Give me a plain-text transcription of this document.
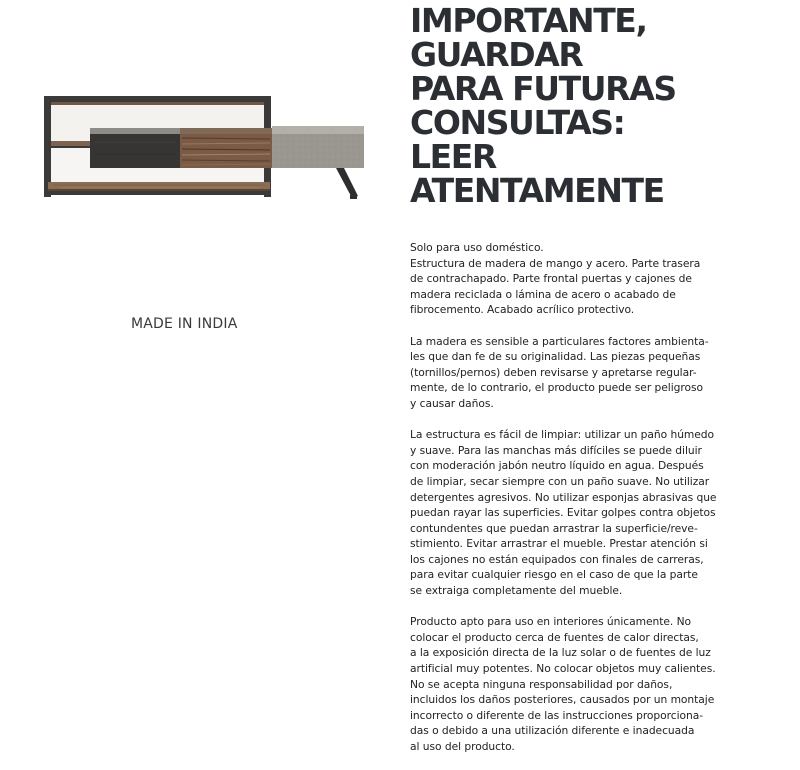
MADE IN INDIA
IMPORTANTE,
GUARDAR
PARA FUTURAS
CONSULTAS:
LEER
ATENTAMENTE

Solo para uso doméstico.
Estructura de madera de mango y acero. Parte trasera
de contrachapado. Parte frontal puertas y cajones de
madera reciclada o lámina de acero o acabado de
fibrocemento. Acabado acrílico protectivo.

La madera es sensible a particulares factores ambienta-
les que dan fe de su originalidad. Las piezas pequeñas
(tornillos/pernos) deben revisarse y apretarse regular-
mente, de lo contrario, el producto puede ser peligroso
y causar daños.

La estructura es fácil de limpiar: utilizar un paño húmedo
y suave. Para las manchas más difíciles se puede diluir
con moderación jabón neutro líquido en agua. Después
de limpiar, secar siempre con un paño suave. No utilizar
detergentes agresivos. No utilizar esponjas abrasivas que
puedan rayar las superficies. Evitar golpes contra objetos
contundentes que puedan arrastrar la superficie/reve-
stimiento. Evitar arrastrar el mueble. Prestar atención si
los cajones no están equipados con finales de carreras,
para evitar cualquier riesgo en el caso de que la parte
se extraiga completamente del mueble.

Producto apto para uso en interiores únicamente. No
colocar el producto cerca de fuentes de calor directas,
a la exposición directa de la luz solar o de fuentes de luz
artificial muy potentes. No colocar objetos muy calientes.
No se acepta ninguna responsabilidad por daños,
incluidos los daños posteriores, causados por un montaje
incorrecto o diferente de las instrucciones proporciona-
das o debido a una utilización diferente e inadecuada
al uso del producto.
